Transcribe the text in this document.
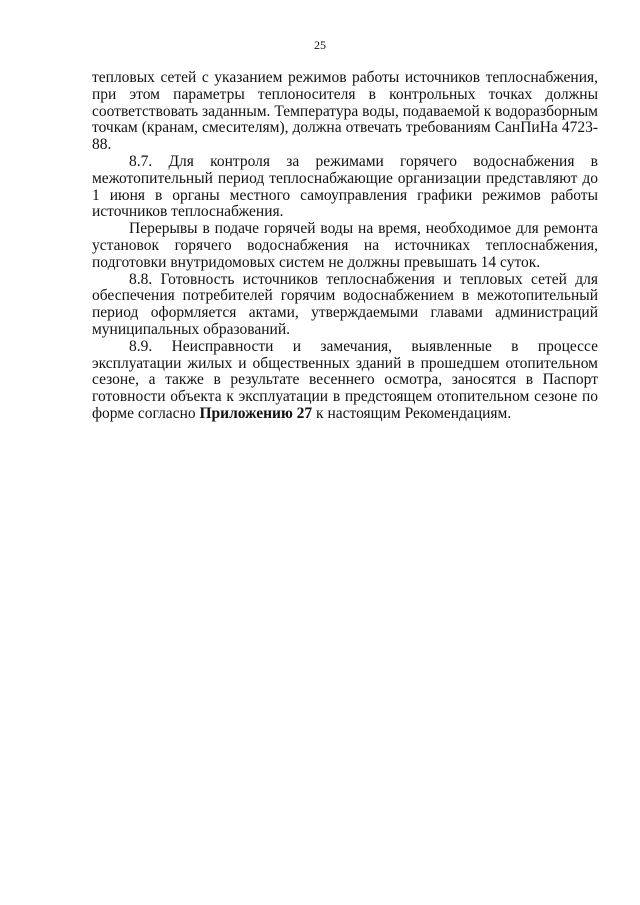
25

тепловых сетей с указанием режимов работы источников теплоснабжения, при этом параметры теплоносителя в контрольных точках должны соответствовать заданным. Температура воды, подаваемой к водоразборным точкам (кранам, смесителям), должна отвечать требованиям СанПиНа 4723-88.

8.7. Для контроля за режимами горячего водоснабжения в межотопительный период теплоснабжающие организации представляют до 1 июня в органы местного самоуправления графики режимов работы источников теплоснабжения.

Перерывы в подаче горячей воды на время, необходимое для ремонта установок горячего водоснабжения на источниках теплоснабжения, подготовки внутридомовых систем не должны превышать 14 суток.

8.8. Готовность источников теплоснабжения и тепловых сетей для обеспечения потребителей горячим водоснабжением в межотопительный период оформляется актами, утверждаемыми главами администраций муниципальных образований.

8.9. Неисправности и замечания, выявленные в процессе эксплуатации жилых и общественных зданий в прошедшем отопительном сезоне, а также в результате весеннего осмотра, заносятся в Паспорт готовности объекта к эксплуатации в предстоящем отопительном сезоне по форме согласно Приложению 27 к настоящим Рекомендациям.
